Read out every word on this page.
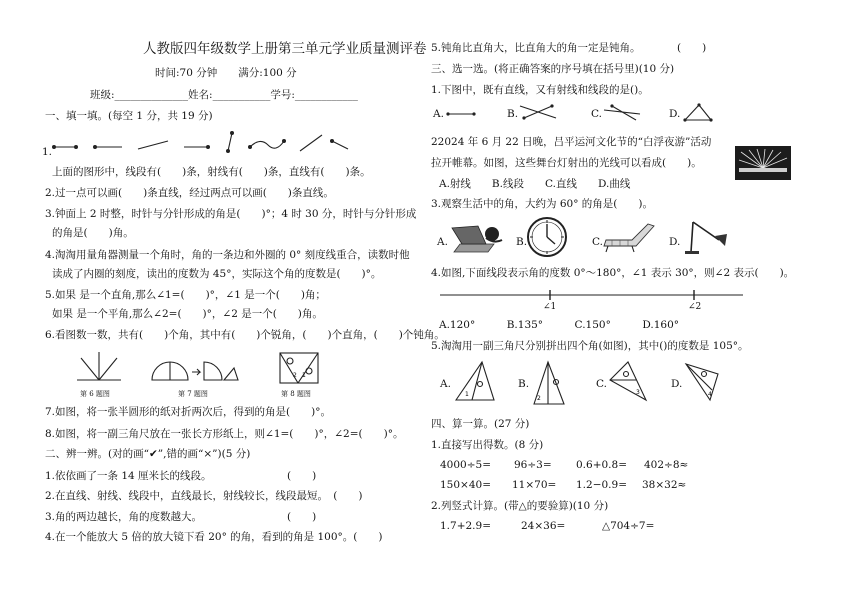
人教版四年级数学上册第三单元学业质量测评卷
时间:70 分钟　　满分:100 分
班级:______________姓名:___________学号:____________
一、填一填。(每空 1 分，共 19 分)
1.
上面的图形中，线段有(　　)条，射线有(　　)条，直线有(　　)条。
2.过一点可以画(　　)条直线，经过两点可以画(　　)条直线。
3.钟面上 2 时整，时针与分针形成的角是(　　)°；4 时 30 分，时针与分针形成
的角是(　　)角。
4.淘淘用量角器测量一个角时，角的一条边和外圈的 0° 刻度线重合，读数时他
读成了内圈的刻度，读出的度数为 45°，实际这个角的度数是(　　)°。
5.如果 是一个直角,那么∠1=(　　)°，∠1 是一个(　　)角；
如果 是一个平角,那么∠2=(　　)°，∠2 是一个(　　)角。
6.看图数一数，共有(　　)个角，其中有(　　)个锐角，(　　)个直角，(　　)个钝角。
2 1
第 6 题图	第 7 题图	第 8 题图
7.如图，将一张半圆形的纸对折两次后，得到的角是(　　)°。
8.如图，将一副三角尺放在一张长方形纸上，则∠1=(　　)°，∠2=(　　)°。
二、辨一辨。(对的画“✔”,错的画“×”)(5 分)
1.依依画了一条 14 厘米长的线段。	(　　)
2.在直线、射线、线段中，直线最长，射线较长，线段最短。　(　　)
3.角的两边越长，角的度数越大。	(　　)
4.在一个能放大 5 倍的放大镜下看 20° 的角，看到的角是 100°。(　　)
5.钝角比直角大，比直角大的角一定是钝角。	(　　)
三、选一选。(将正确答案的序号填在括号里)(10 分)
1.下图中，既有直线，又有射线和线段的是()。
A.	B.	C.	D.
22024 年 6 月 22 日晚，吕平运河文化节的“白浮夜游”活动
拉开帷幕。如图，这些舞台灯射出的光线可以看成(　　)。
A.射线　　B.线段　　C.直线　　D.曲线
3.观察生活中的角，大约为 60° 的角是(　　)。
A.	B.	C.	D.
4.如图,下面线段表示角的度数 0°～180°，∠1 表示 30°，则∠2 表示(　　)。
∠1	∠2
A.120°　　　B.135°　　　C.150°　　　D.160°
5.淘淘用一副三角尺分别拼出四个角(如图)，其中()的度数是 105°。
A.
1
B.
2
C.
3
D.
4
四、算一算。(27 分)
1.直接写出得数。(8 分)
4000÷5= 96÷3= 0.6+0.8= 402÷8≈
150×40= 11×70= 1.2−0.9= 38×32≈
2.列竖式计算。(带△的要验算)(10 分)
1.7+2.9=	24×36=	△704÷7=
